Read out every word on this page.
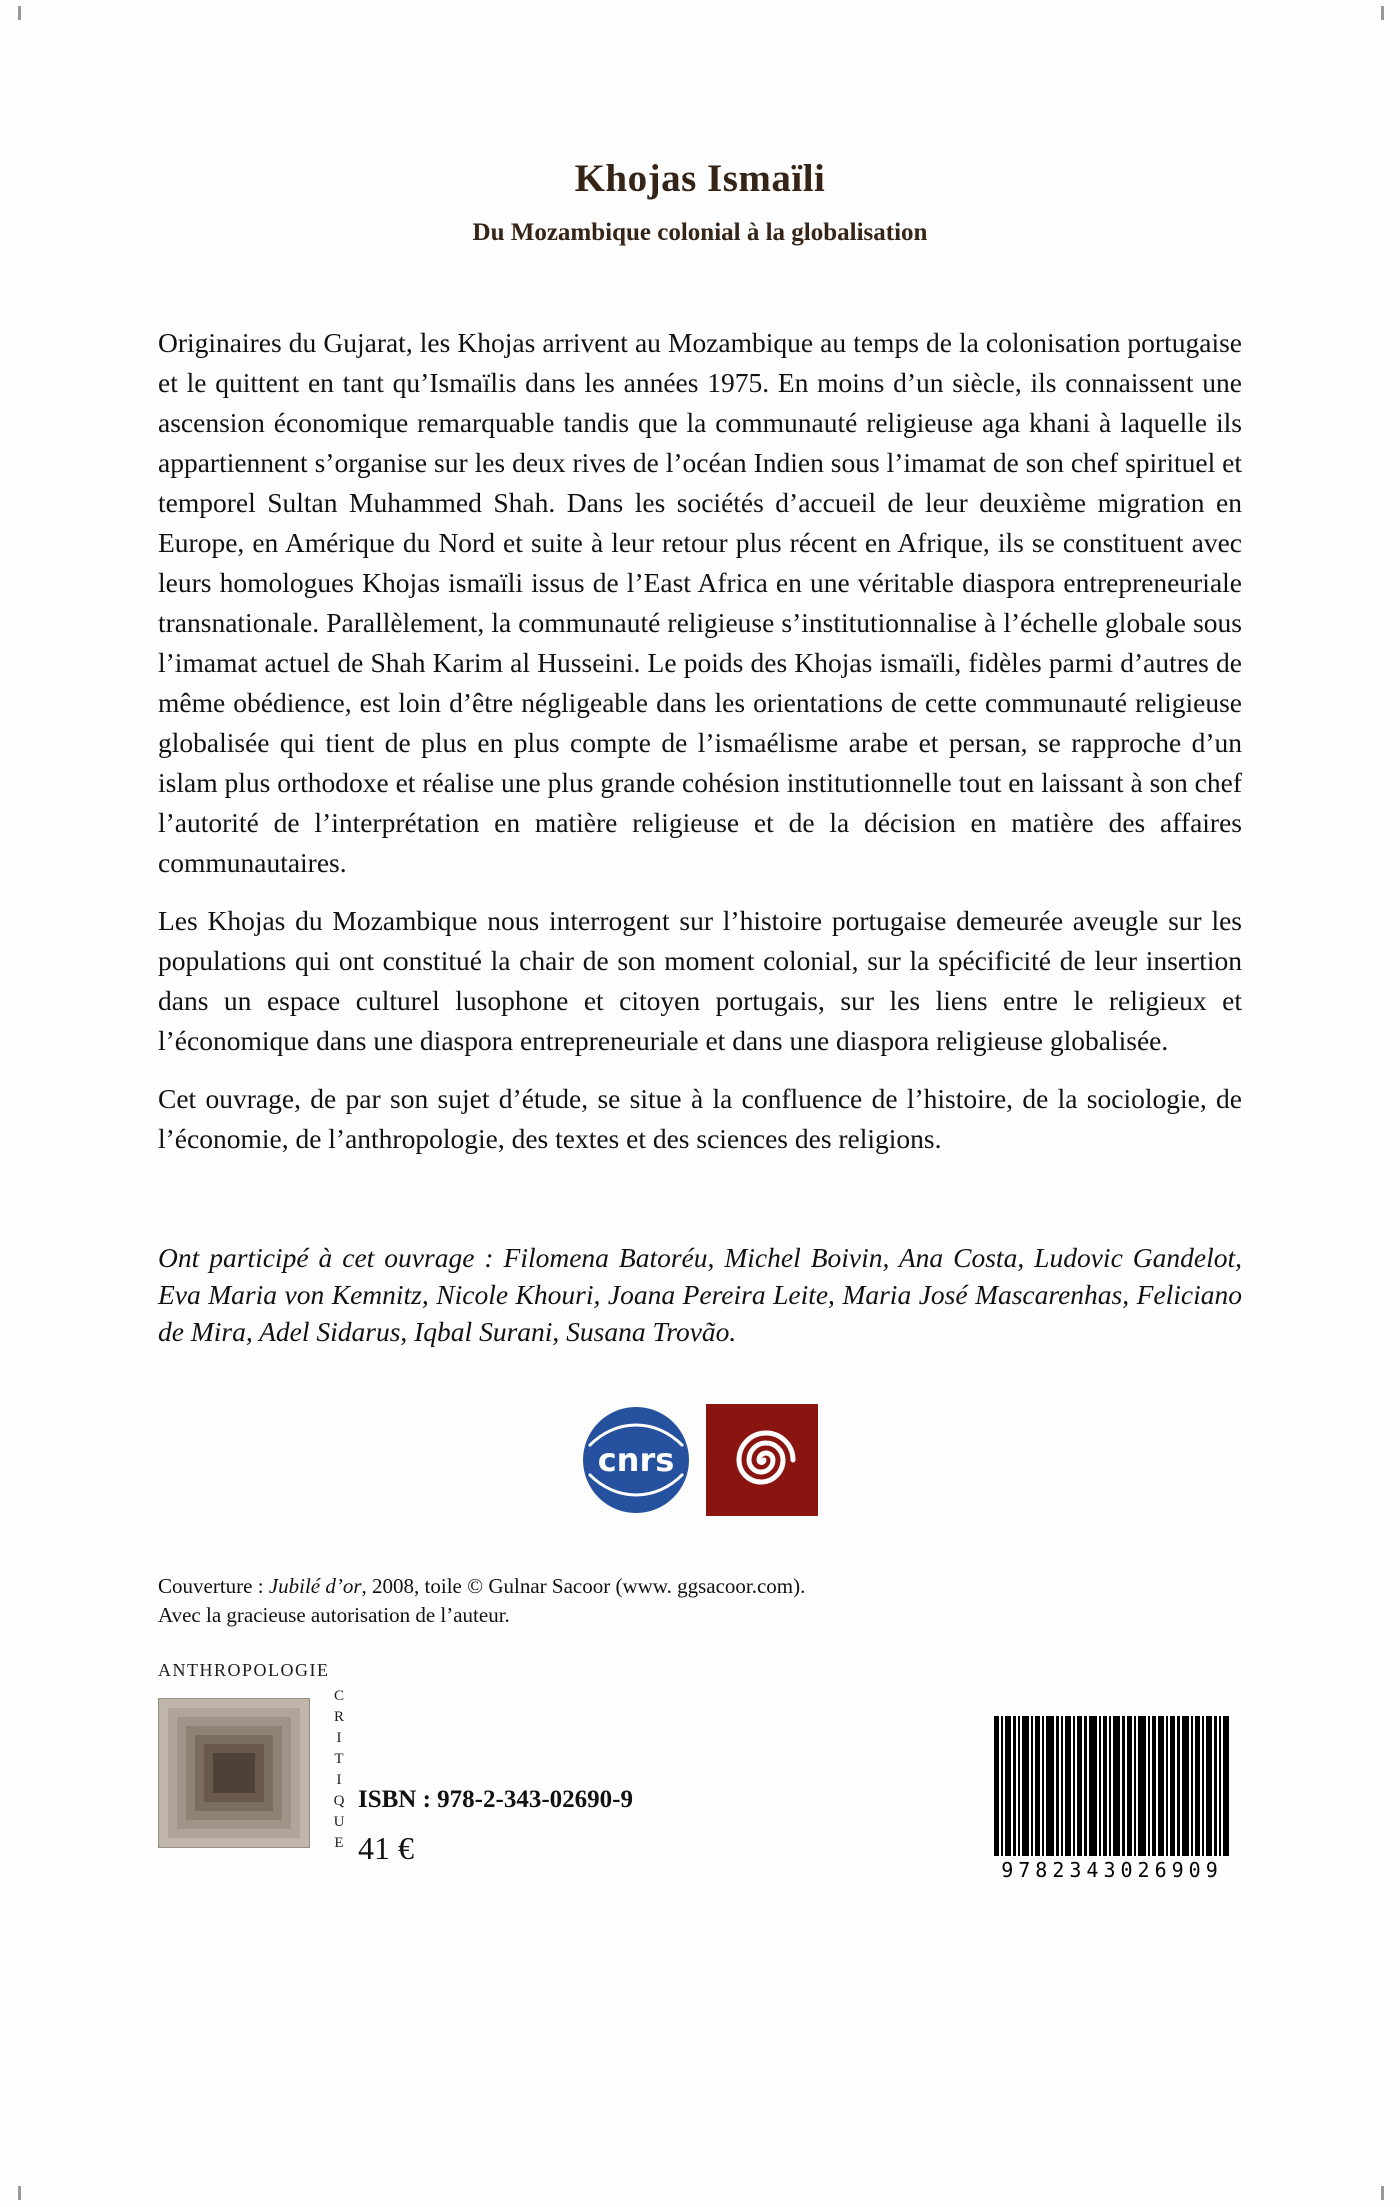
Khojas Ismaïli
Du Mozambique colonial à la globalisation

Originaires du Gujarat, les Khojas arrivent au Mozambique au temps de la colonisation portugaise et le quittent en tant qu’Ismaïlis dans les années 1975. En moins d’un siècle, ils connaissent une ascension économique remarquable tandis que la communauté religieuse aga khani à laquelle ils appartiennent s’organise sur les deux rives de l’océan Indien sous l’imamat de son chef spirituel et temporel Sultan Muhammed Shah. Dans les sociétés d’accueil de leur deuxième migration en Europe, en Amérique du Nord et suite à leur retour plus récent en Afrique, ils se constituent avec leurs homologues Khojas ismaïli issus de l’East Africa en une véritable diaspora entrepreneuriale transnationale. Parallèlement, la communauté religieuse s’institutionnalise à l’échelle globale sous l’imamat actuel de Shah Karim al Husseini. Le poids des Khojas ismaïli, fidèles parmi d’autres de même obédience, est loin d’être négligeable dans les orientations de cette communauté religieuse globalisée qui tient de plus en plus compte de l’ismaélisme arabe et persan, se rapproche d’un islam plus orthodoxe et réalise une plus grande cohésion institutionnelle tout en laissant à son chef l’autorité de l’interprétation en matière religieuse et de la décision en matière des affaires communautaires.

Les Khojas du Mozambique nous interrogent sur l’histoire portugaise demeurée aveugle sur les populations qui ont constitué la chair de son moment colonial, sur la spécificité de leur insertion dans un espace culturel lusophone et citoyen portugais, sur les liens entre le religieux et l’économique dans une diaspora entrepreneuriale et dans une diaspora religieuse globalisée.

Cet ouvrage, de par son sujet d’étude, se situe à la confluence de l’histoire, de la sociologie, de l’économie, de l’anthropologie, des textes et des sciences des religions.

Ont participé à cet ouvrage : Filomena Batoréu, Michel Boivin, Ana Costa, Ludovic Gandelot, Eva Maria von Kemnitz, Nicole Khouri, Joana Pereira Leite, Maria José Mascarenhas, Feliciano de Mira, Adel Sidarus, Iqbal Surani, Susana Trovão.

cnrs

Couverture : Jubilé d’or, 2008, toile © Gulnar Sacoor (www. ggsacoor.com).

Avec la gracieuse autorisation de l’auteur.

ANTHROPOLOGIE
C
R
I
T
I
Q
U
E
ISBN : 978-2-343-02690-9
41 €
9782343026909
